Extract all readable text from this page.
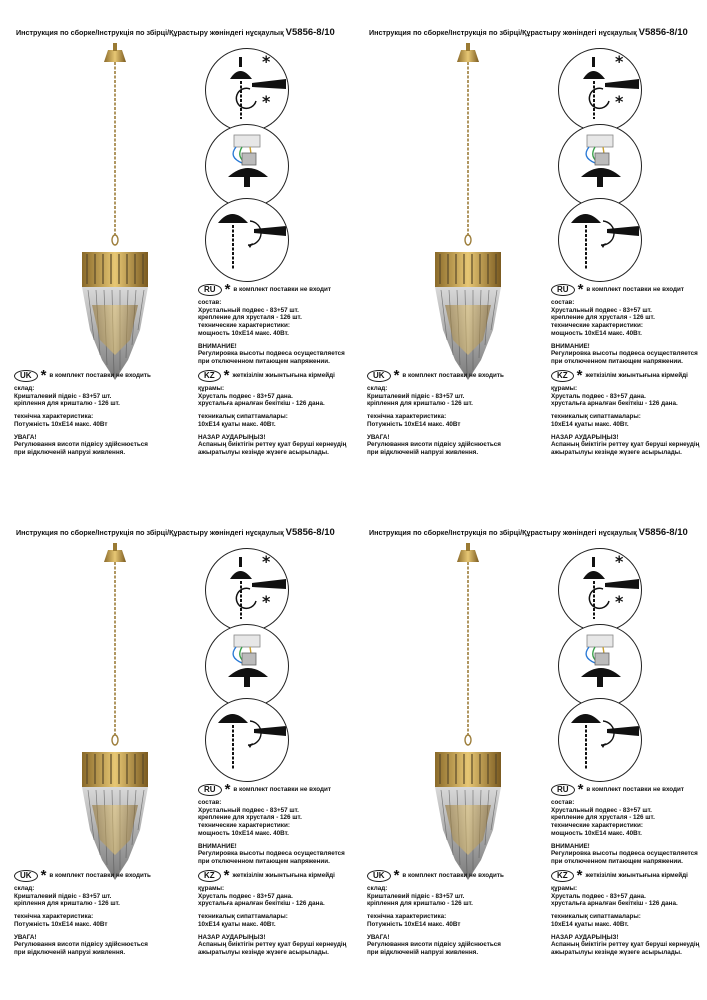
Инструкция по сборке/Інструкція по збірці/Құрастыру жөніндегі нұсқаулық V5856-8/10
*
*
RU * в комплект поставки не входит

состав:

Хрустальный подвес - 83+57 шт.

крепление для хрусталя - 126 шт.

технические характеристики:

мощность 10хЕ14 макс. 40Вт.

ВНИМАНИЕ!

Регулировка высоты подвеса осуществляется

при отключенном питающем напряжении.

UK * в комплект поставки не входить

склад:

Кришталевий підвіс - 83+57 шт.

кріплення для кришталю - 126 шт.

технічна характеристика:

Потужність 10хЕ14 макс. 40Вт

УВАГА!

Регулювання висоти підвісу здійснюється

при відключеній напрузі живлення.

KZ * жеткізілім жиынтығына кірмейді

құрамы:

Хрусталь подвес - 83+57 дана.

хрустальға арналған бекіткіш - 126 дана.

техникалық сипаттамалары:

10хЕ14 қуаты макс. 40Вт.

НАЗАР АУДАРЫҢЫЗ!

Аспаның биіктігін реттеу қуат беруші кернеудің

ажыратылуы кезінде жүзеге асырылады.

Инструкция по сборке/Інструкція по збірці/Құрастыру жөніндегі нұсқаулық V5856-8/10
*
*
RU * в комплект поставки не входит

состав:

Хрустальный подвес - 83+57 шт.

крепление для хрусталя - 126 шт.

технические характеристики:

мощность 10хЕ14 макс. 40Вт.

ВНИМАНИЕ!

Регулировка высоты подвеса осуществляется

при отключенном питающем напряжении.

UK * в комплект поставки не входить

склад:

Кришталевий підвіс - 83+57 шт.

кріплення для кришталю - 126 шт.

технічна характеристика:

Потужність 10хЕ14 макс. 40Вт

УВАГА!

Регулювання висоти підвісу здійснюється

при відключеній напрузі живлення.

KZ * жеткізілім жиынтығына кірмейді

құрамы:

Хрусталь подвес - 83+57 дана.

хрустальға арналған бекіткіш - 126 дана.

техникалық сипаттамалары:

10хЕ14 қуаты макс. 40Вт.

НАЗАР АУДАРЫҢЫЗ!

Аспаның биіктігін реттеу қуат беруші кернеудің

ажыратылуы кезінде жүзеге асырылады.

Инструкция по сборке/Інструкція по збірці/Құрастыру жөніндегі нұсқаулық V5856-8/10
*
*
RU * в комплект поставки не входит

состав:

Хрустальный подвес - 83+57 шт.

крепление для хрусталя - 126 шт.

технические характеристики:

мощность 10хЕ14 макс. 40Вт.

ВНИМАНИЕ!

Регулировка высоты подвеса осуществляется

при отключенном питающем напряжении.

UK * в комплект поставки не входить

склад:

Кришталевий підвіс - 83+57 шт.

кріплення для кришталю - 126 шт.

технічна характеристика:

Потужність 10хЕ14 макс. 40Вт

УВАГА!

Регулювання висоти підвісу здійснюється

при відключеній напрузі живлення.

KZ * жеткізілім жиынтығына кірмейді

құрамы:

Хрусталь подвес - 83+57 дана.

хрустальға арналған бекіткіш - 126 дана.

техникалық сипаттамалары:

10хЕ14 қуаты макс. 40Вт.

НАЗАР АУДАРЫҢЫЗ!

Аспаның биіктігін реттеу қуат беруші кернеудің

ажыратылуы кезінде жүзеге асырылады.

Инструкция по сборке/Інструкція по збірці/Құрастыру жөніндегі нұсқаулық V5856-8/10
*
*
RU * в комплект поставки не входит

состав:

Хрустальный подвес - 83+57 шт.

крепление для хрусталя - 126 шт.

технические характеристики:

мощность 10хЕ14 макс. 40Вт.

ВНИМАНИЕ!

Регулировка высоты подвеса осуществляется

при отключенном питающем напряжении.

UK * в комплект поставки не входить

склад:

Кришталевий підвіс - 83+57 шт.

кріплення для кришталю - 126 шт.

технічна характеристика:

Потужність 10хЕ14 макс. 40Вт

УВАГА!

Регулювання висоти підвісу здійснюється

при відключеній напрузі живлення.

KZ * жеткізілім жиынтығына кірмейді

құрамы:

Хрусталь подвес - 83+57 дана.

хрустальға арналған бекіткіш - 126 дана.

техникалық сипаттамалары:

10хЕ14 қуаты макс. 40Вт.

НАЗАР АУДАРЫҢЫЗ!

Аспаның биіктігін реттеу қуат беруші кернеудің

ажыратылуы кезінде жүзеге асырылады.
